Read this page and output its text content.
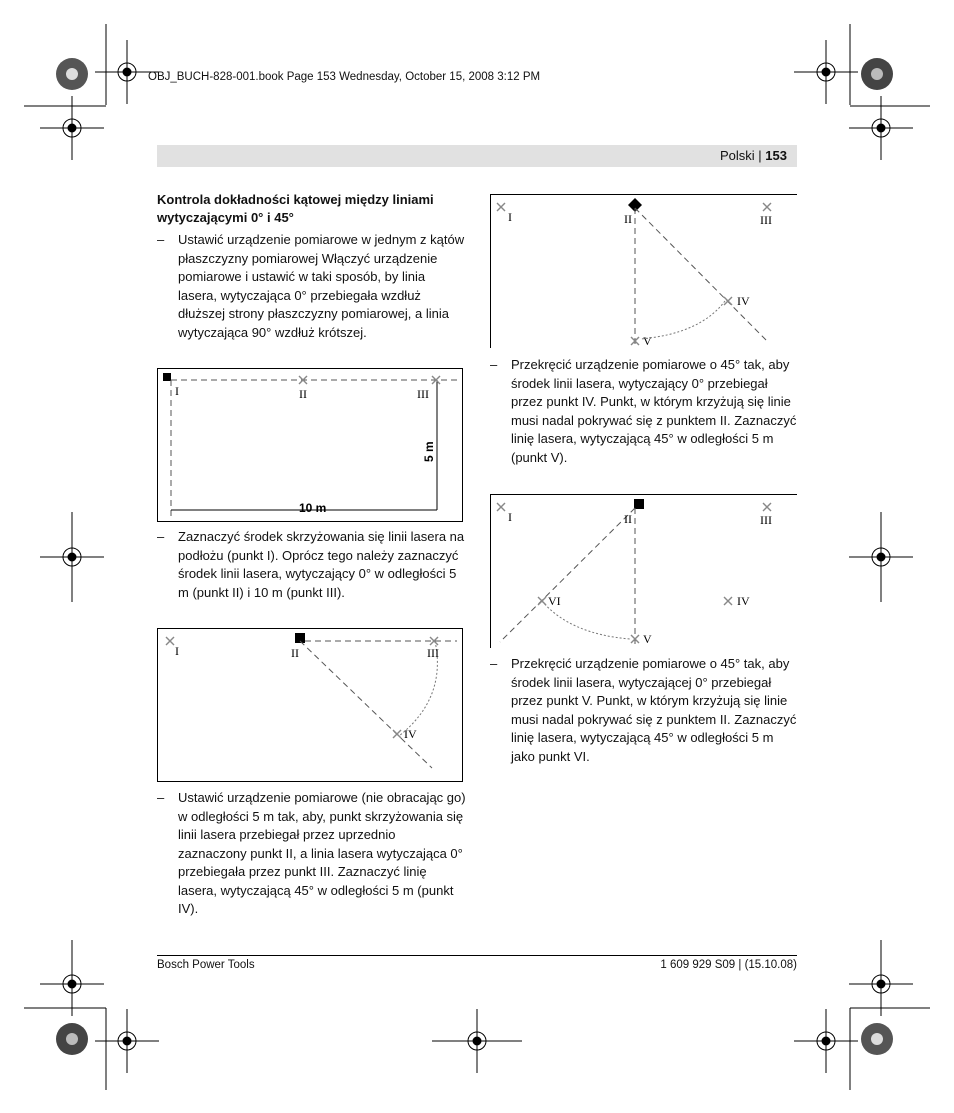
OBJ_BUCH-828-001.book Page 153 Wednesday, October 15, 2008 3:12 PM
Polski | 153
Kontrola dokładności kątowej między liniami wytyczającymi 0° i 45°
– Ustawić urządzenie pomiarowe w jednym z kątów płaszczyzny pomiarowej Włączyć urządzenie pomiarowe i ustawić w taki sposób, by linia lasera, wytyczająca 0° przebiegała wzdłuż dłuższej strony płaszczyzny pomiarowej, a linia wytyczająca 90° wzdłuż krótszej.
I	II	III
10 m
5 m
– Zaznaczyć środek skrzyżowania się linii lasera na podłożu (punkt I). Oprócz tego należy zaznaczyć środek linii lasera, wytyczający 0° w odległości 5 m (punkt II) i 10 m (punkt III).
I	II	III
IV
– Ustawić urządzenie pomiarowe (nie obracając go) w odległości 5 m tak, aby, punkt skrzyżowania się linii lasera przebiegał przez uprzednio zaznaczony punkt II, a linia lasera wytyczająca 0° przebiegała przez punkt III. Zaznaczyć linię lasera, wytyczającą 45° w odległości 5 m (punkt IV).
I	II	III
IV
V
– Przekręcić urządzenie pomiarowe o 45° tak, aby środek linii lasera, wytyczający 0° przebiegał przez punkt IV. Punkt, w którym krzyżują się linie musi nadal pokrywać się z punktem II. Zaznaczyć linię lasera, wytyczającą 45° w odległości 5 m (punkt V).
I	II	III
VI	IV
V
– Przekręcić urządzenie pomiarowe o 45° tak, aby środek linii lasera, wytyczającej 0° przebiegał przez punkt V. Punkt, w którym krzyżują się linie musi nadal pokrywać się z punktem II. Zaznaczyć linię lasera, wytyczającą 45° w odległości 5 m jako punkt VI.
Bosch Power Tools	1 609 929 S09 | (15.10.08)
